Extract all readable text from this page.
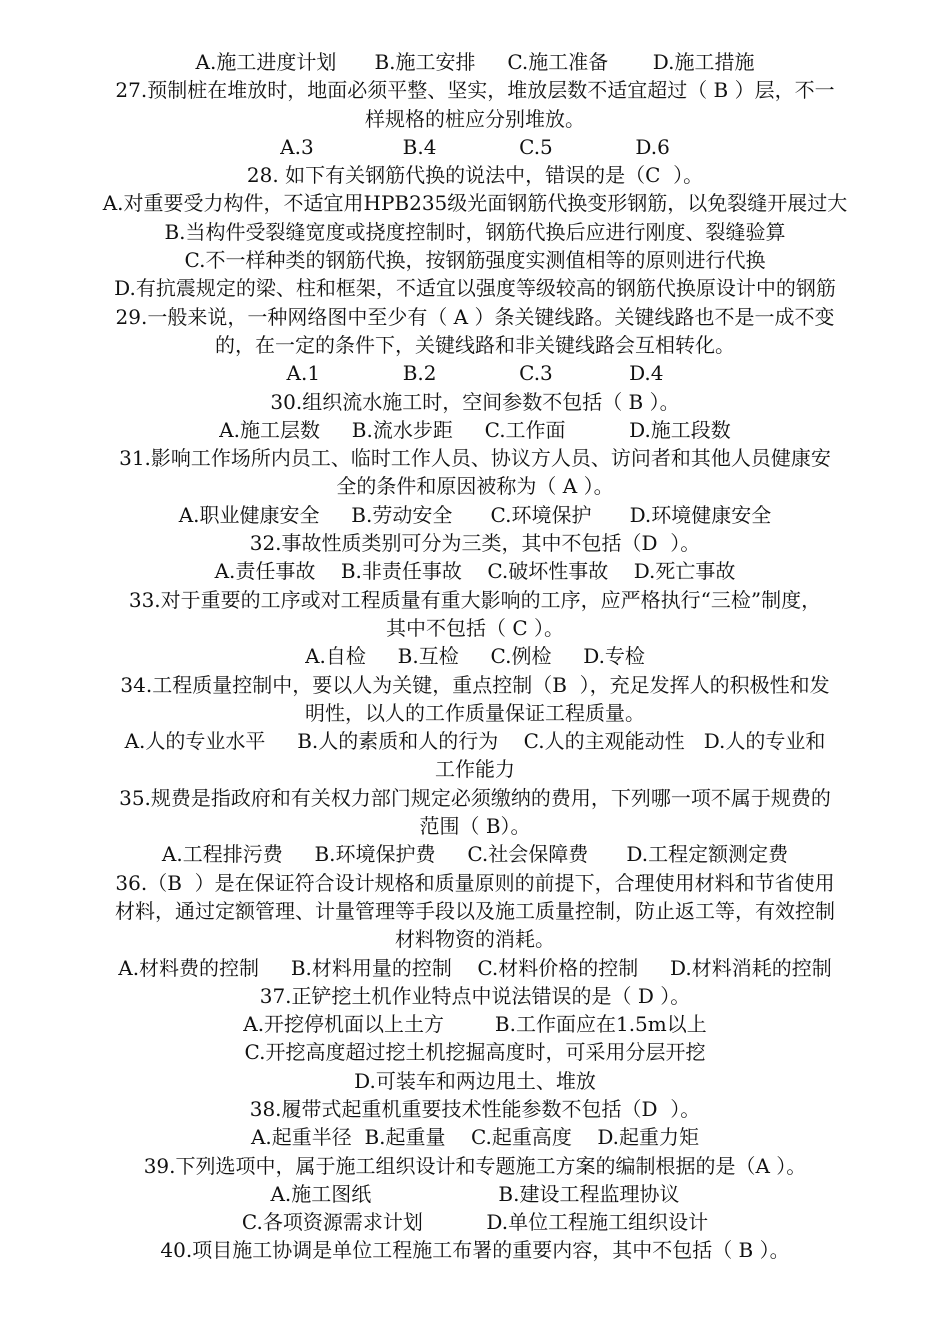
A.施工进度计划      B.施工安排     C.施工准备       D.施工措施
27.预制桩在堆放时，地面必须平整、坚实，堆放层数不适宜超过（ B ）层，不一
样规格的桩应分别堆放。
A.3              B.4             C.5             D.6
28. 如下有关钢筋代换的说法中，错误的是（C  ）。
A.对重要受力构件，不适宜用HPB235级光面钢筋代换变形钢筋，以免裂缝开展过大
B.当构件受裂缝宽度或挠度控制时，钢筋代换后应进行刚度、裂缝验算
C.不一样种类的钢筋代换，按钢筋强度实测值相等的原则进行代换
D.有抗震规定的梁、柱和框架，不适宜以强度等级较高的钢筋代换原设计中的钢筋
29.一般来说，一种网络图中至少有（ A ）条关键线路。关键线路也不是一成不变
的，在一定的条件下，关键线路和非关键线路会互相转化。
A.1             B.2             C.3            D.4
30.组织流水施工时，空间参数不包括（ B ）。
A.施工层数     B.流水步距     C.工作面          D.施工段数
31.影响工作场所内员工、临时工作人员、协议方人员、访问者和其他人员健康安
全的条件和原因被称为（ A ）。
A.职业健康安全     B.劳动安全      C.环境保护      D.环境健康安全
32.事故性质类别可分为三类，其中不包括（D  ）。
A.责任事故    B.非责任事故    C.破坏性事故    D.死亡事故
33.对于重要的工序或对工程质量有重大影响的工序，应严格执行“三检”制度，
其中不包括（ C ）。
A.自检     B.互检     C.例检     D.专检
34.工程质量控制中，要以人为关键，重点控制（B  ），充足发挥人的积极性和发
明性，以人的工作质量保证工程质量。
A.人的专业水平     B.人的素质和人的行为    C.人的主观能动性   D.人的专业和
工作能力
35.规费是指政府和有关权力部门规定必须缴纳的费用，下列哪一项不属于规费的
范围（ B）。
A.工程排污费     B.环境保护费     C.社会保障费      D.工程定额测定费
36.（B  ）是在保证符合设计规格和质量原则的前提下，合理使用材料和节省使用
材料，通过定额管理、计量管理等手段以及施工质量控制，防止返工等，有效控制
材料物资的消耗。
A.材料费的控制     B.材料用量的控制    C.材料价格的控制     D.材料消耗的控制
37.正铲挖土机作业特点中说法错误的是（ D ）。
A.开挖停机面以上土方        B.工作面应在1.5m以上
C.开挖高度超过挖土机挖掘高度时，可采用分层开挖
D.可装车和两边甩土、堆放
38.履带式起重机重要技术性能参数不包括（D  ）。
A.起重半径  B.起重量    C.起重高度    D.起重力矩
39.下列选项中，属于施工组织设计和专题施工方案的编制根据的是（A ）。
A.施工图纸                    B.建设工程监理协议
C.各项资源需求计划          D.单位工程施工组织设计
40.项目施工协调是单位工程施工布署的重要内容，其中不包括（ B ）。
